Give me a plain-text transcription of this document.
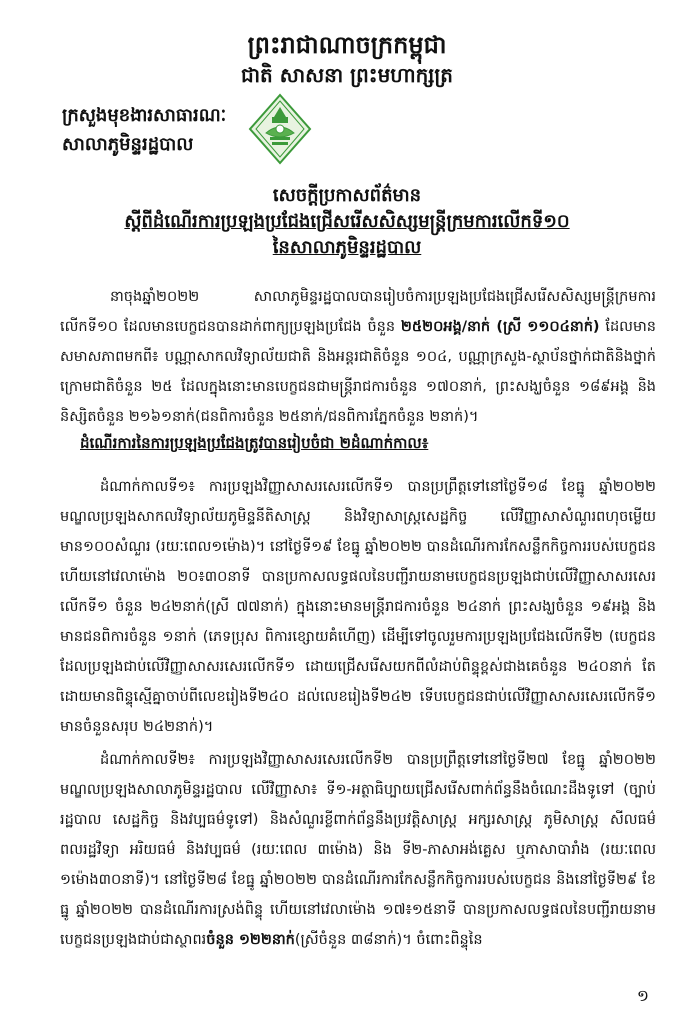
ព្រះរាជាណាចក្រកម្ពុជា
ជាតិ សាសនា ព្រះមហាក្សត្រ
ក្រសួងមុខងារសាធារណៈ
សាលាភូមិន្ទរដ្ឋបាល
សេចក្ដីប្រកាសព័ត៌មាន
ស្ដីពីដំណើរការប្រឡងប្រជែងជ្រើសរើសសិស្សមន្ត្រីក្រមការលើកទី១០
នៃសាលាភូមិន្ទរដ្ឋបាល
នាចុងឆ្នាំ២០២២ សាលាភូមិន្ទរដ្ឋបាលបានរៀបចំការប្រឡងប្រជែងជ្រើសរើសសិស្សមន្ត្រីក្រមការលើកទី១០ ដែលមានបេក្ខជនបានដាក់ពាក្យប្រឡងប្រជែង ចំនួន ២៥២០អង្គ/នាក់ (ស្រី ១១០៤នាក់) ដែលមានសមាសភាពមកពី៖ បណ្ណាសាកលវិទ្យាល័យជាតិ និងអន្តរជាតិចំនួន ១០៤, បណ្ណាក្រសួង-ស្ថាប័នថ្នាក់ជាតិនិងថ្នាក់ក្រោមជាតិចំនួន ២៥ ដែលក្នុងនោះមានបេក្ខជនជាមន្ត្រីរាជការចំនួន ១៧០នាក់, ព្រះសង្ឃចំនួន ១៨៩អង្គ និងនិស្សិតចំនួន ២១៦១នាក់(ជនពិការចំនួន ២៥នាក់/ជនពិការភ្នែកចំនួន ២នាក់)។
ដំណើរការនៃការប្រឡងប្រជែងត្រូវបានរៀបចំជា ២ដំណាក់កាល៖
ដំណាក់កាលទី១៖ ការប្រឡងវិញ្ញាសាសរសេរលើកទី១ បានប្រព្រឹត្តទៅនៅថ្ងៃទី១៨ ខែធ្នូ ឆ្នាំ២០២២ មណ្ឌលប្រឡងសាកលវិទ្យាល័យភូមិន្ទនីតិសាស្ត្រ និងវិទ្យាសាស្ត្រសេដ្ឋកិច្ច លើវិញ្ញាសាសំណួរពហុចម្លើយមាន១០០សំណួរ (រយៈពេល១ម៉ោង)។ នៅថ្ងៃទី១៩ ខែធ្នូ ឆ្នាំ២០២២ បានដំណើរការកែសន្លឹកកិច្ចការរបស់បេក្ខជន ហើយនៅវេលាម៉ោង ២០៖៣០នាទី បានប្រកាសលទ្ធផលនៃបញ្ជីរាយនាមបេក្ខជនប្រឡងជាប់លើវិញ្ញាសាសរសេរលើកទី១ ចំនួន ២៤២នាក់(ស្រី ៧៧នាក់) ក្នុងនោះមានមន្ត្រីរាជការចំនួន ២៤នាក់ ព្រះសង្ឃចំនួន ១៩អង្គ និងមានជនពិការចំនួន ១នាក់ (ភេទប្រុស ពិការខ្សោយគំហើញ) ដើម្បីទៅចូលរួមការប្រឡងប្រជែងលើកទី២ (បេក្ខជនដែលប្រឡងជាប់លើវិញ្ញាសាសរសេរលើកទី១ ដោយជ្រើសរើសយកពីលំដាប់ពិន្ទុខ្ពស់ជាងគេចំនួន ២៤០នាក់ តែដោយមានពិន្ទុស្មើគ្នាចាប់ពីលេខរៀងទី២៤០ ដល់លេខរៀងទី២៤២ ទើបបេក្ខជនជាប់លើវិញ្ញាសាសរសេរលើកទី១ មានចំនួនសរុប ២៤២នាក់)។
ដំណាក់កាលទី២៖ ការប្រឡងវិញ្ញាសាសរសេរលើកទី២ បានប្រព្រឹត្តទៅនៅថ្ងៃទី២៧ ខែធ្នូ ឆ្នាំ២០២២ មណ្ឌលប្រឡងសាលាភូមិន្ទរដ្ឋបាល លើវិញ្ញាសា៖ ទី១-អត្ថាធិប្បាយជ្រើសរើសពាក់ព័ន្ធនឹងចំណេះដឹងទូទៅ (ច្បាប់ រដ្ឋបាល សេដ្ឋកិច្ច និងវប្បធម៌ទូទៅ) និងសំណួរខ្លីពាក់ព័ន្ធនឹងប្រវត្តិសាស្ត្រ អក្សរសាស្ត្រ ភូមិសាស្ត្រ សីលធម៌ ពលរដ្ឋវិទ្យា អរិយធម៌ និងវប្បធម៌ (រយៈពេល ៣ម៉ោង) និង ទី២-ភាសាអង់គ្លេស ឬភាសាបារាំង (រយៈពេល ១ម៉ោង៣០នាទី)។ នៅថ្ងៃទី២៨ ខែធ្នូ ឆ្នាំ២០២២ បានដំណើរការកែសន្លឹកកិច្ចការរបស់បេក្ខជន និងនៅថ្ងៃទី២៩ ខែធ្នូ ឆ្នាំ២០២២ បានដំណើរការស្រង់ពិន្ទុ ហើយនៅវេលាម៉ោង ១៧៖១៥នាទី បានប្រកាសលទ្ធផលនៃបញ្ជីរាយនាមបេក្ខជនប្រឡងជាប់ជាស្ថាពរចំនួន ១២២នាក់(ស្រីចំនួន ៣៨នាក់)។ ចំពោះពិន្ទុនៃ
១
